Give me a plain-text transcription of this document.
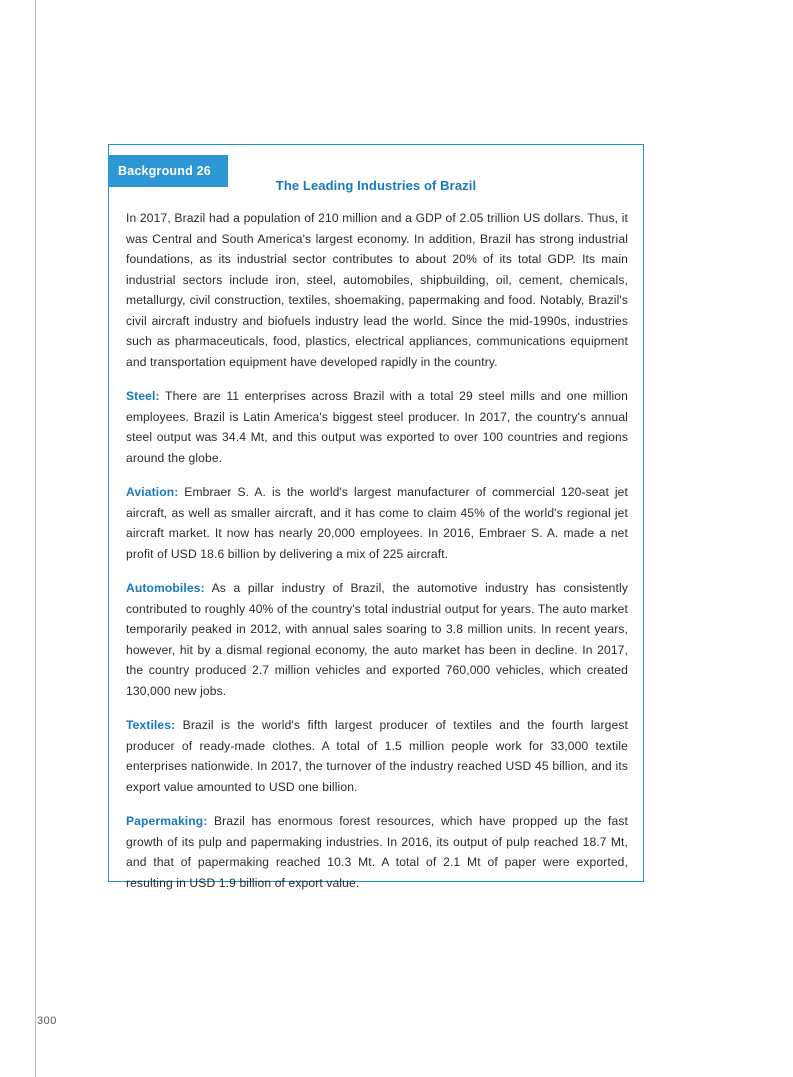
Background 26
The Leading Industries of Brazil

In 2017, Brazil had a population of 210 million and a GDP of 2.05 trillion US dollars. Thus, it was Central and South America's largest economy. In addition, Brazil has strong industrial foundations, as its industrial sector contributes to about 20% of its total GDP. Its main industrial sectors include iron, steel, automobiles, shipbuilding, oil, cement, chemicals, metallurgy, civil construction, textiles, shoemaking, papermaking and food. Notably, Brazil's civil aircraft industry and biofuels industry lead the world. Since the mid-1990s, industries such as pharmaceuticals, food, plastics, electrical appliances, communications equipment and transportation equipment have developed rapidly in the country.

Steel: There are 11 enterprises across Brazil with a total 29 steel mills and one million employees. Brazil is Latin America's biggest steel producer. In 2017, the country's annual steel output was 34.4 Mt, and this output was exported to over 100 countries and regions around the globe.

Aviation: Embraer S. A. is the world's largest manufacturer of commercial 120-seat jet aircraft, as well as smaller aircraft, and it has come to claim 45% of the world's regional jet aircraft market. It now has nearly 20,000 employees. In 2016, Embraer S. A. made a net profit of USD 18.6 billion by delivering a mix of 225 aircraft.

Automobiles: As a pillar industry of Brazil, the automotive industry has consistently contributed to roughly 40% of the country's total industrial output for years. The auto market temporarily peaked in 2012, with annual sales soaring to 3.8 million units. In recent years, however, hit by a dismal regional economy, the auto market has been in decline. In 2017, the country produced 2.7 million vehicles and exported 760,000 vehicles, which created 130,000 new jobs.

Textiles: Brazil is the world's fifth largest producer of textiles and the fourth largest producer of ready-made clothes. A total of 1.5 million people work for 33,000 textile enterprises nationwide. In 2017, the turnover of the industry reached USD 45 billion, and its export value amounted to USD one billion.

Papermaking: Brazil has enormous forest resources, which have propped up the fast growth of its pulp and papermaking industries. In 2016, its output of pulp reached 18.7 Mt, and that of papermaking reached 10.3 Mt. A total of 2.1 Mt of paper were exported, resulting in USD 1.9 billion of export value.

300
